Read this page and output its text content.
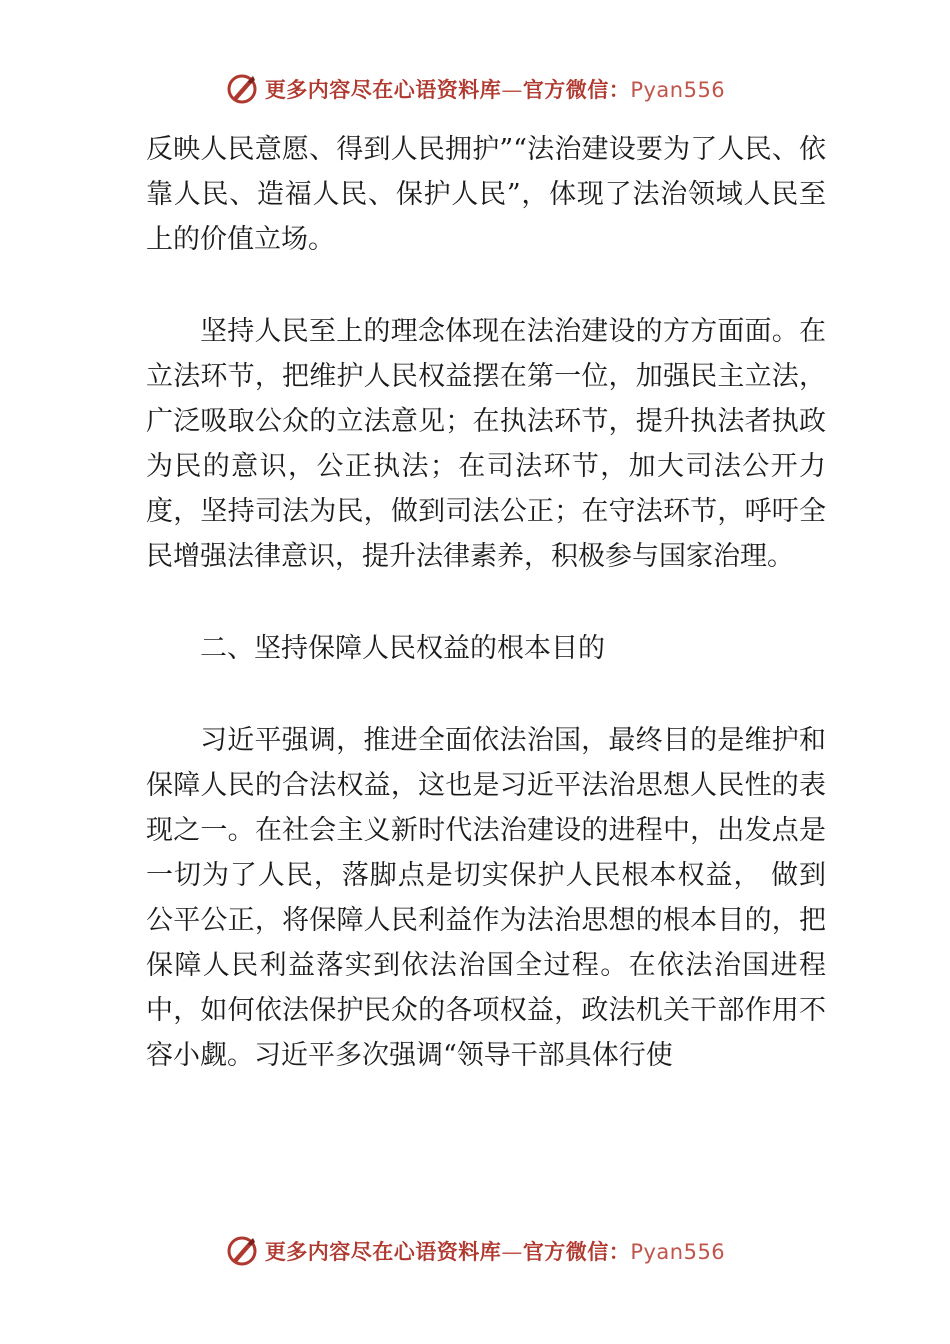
更多内容尽在心语资料库—官方微信：Pyan556

反映人民意愿、得到人民拥护”“法治建设要为了人民、依靠人民、造福人民、保护人民”，体现了法治领域人民至上的价值立场。

坚持人民至上的理念体现在法治建设的方方面面。在立法环节，把维护人民权益摆在第一位，加强民主立法，广泛吸取公众的立法意见；在执法环节，提升执法者执政为民的意识，公正执法；在司法环节，加大司法公开力度，坚持司法为民，做到司法公正；在守法环节，呼吁全民增强法律意识，提升法律素养，积极参与国家治理。

二、坚持保障人民权益的根本目的

习近平强调，推进全面依法治国，最终目的是维护和保障人民的合法权益，这也是习近平法治思想人民性的表现之一。在社会主义新时代法治建设的进程中，出发点是一切为了人民，落脚点是切实保护人民根本权益， 做到公平公正，将保障人民利益作为法治思想的根本目的，把保障人民利益落实到依法治国全过程。在依法治国进程中，如何依法保护民众的各项权益，政法机关干部作用不容小觑。习近平多次强调“领导干部具体行使

更多内容尽在心语资料库—官方微信：Pyan556
